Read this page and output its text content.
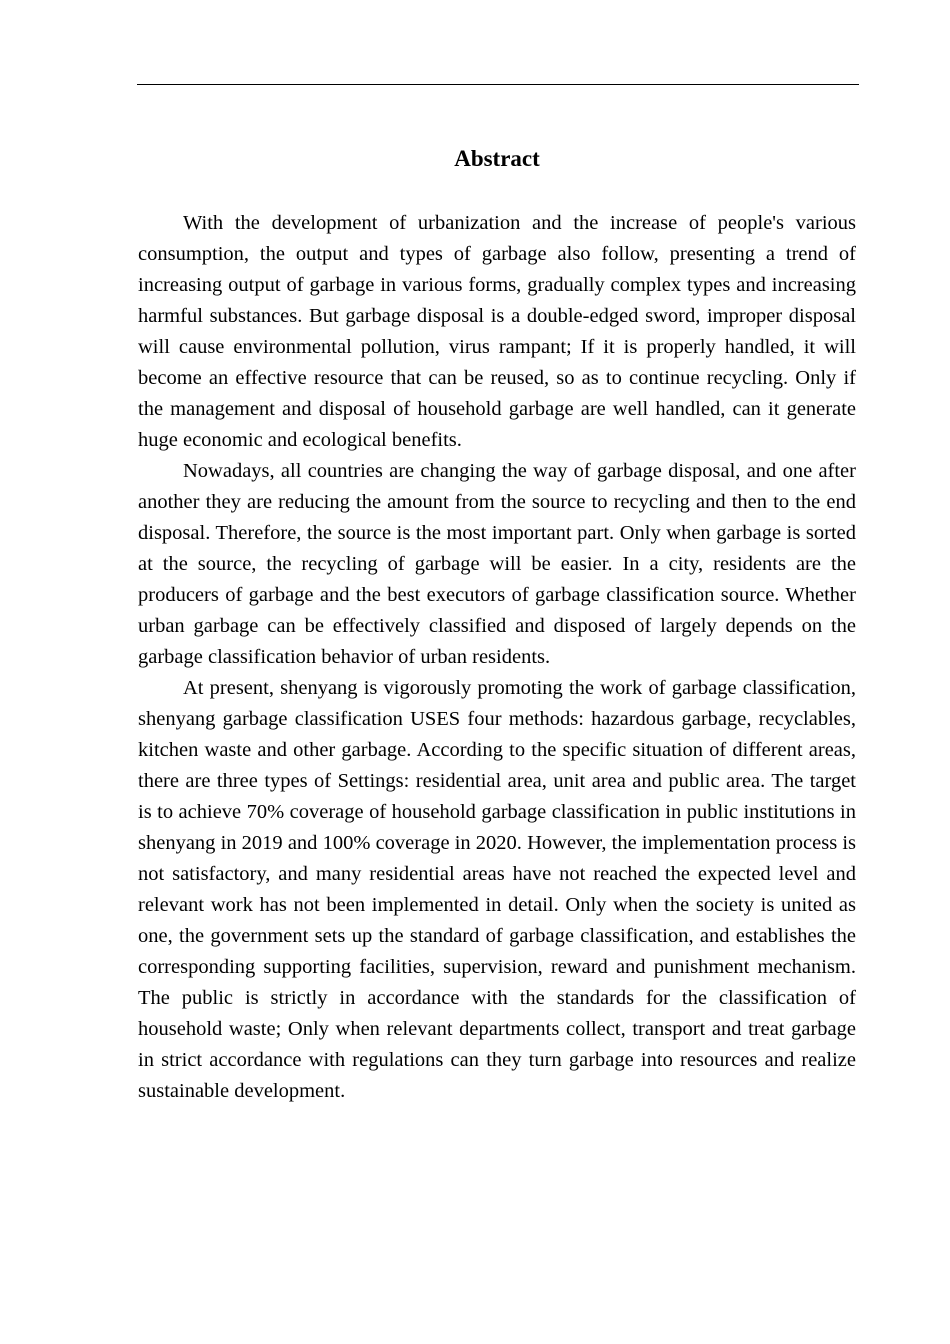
Abstract

With the development of urbanization and the increase of people's various consumption, the output and types of garbage also follow, presenting a trend of increasing output of garbage in various forms, gradually complex types and increasing harmful substances. But garbage disposal is a double-edged sword, improper disposal will cause environmental pollution, virus rampant; If it is properly handled, it will become an effective resource that can be reused, so as to continue recycling. Only if the management and disposal of household garbage are well handled, can it generate huge economic and ecological benefits.

Nowadays, all countries are changing the way of garbage disposal, and one after another they are reducing the amount from the source to recycling and then to the end disposal. Therefore, the source is the most important part. Only when garbage is sorted at the source, the recycling of garbage will be easier. In a city, residents are the producers of garbage and the best executors of garbage classification source. Whether urban garbage can be effectively classified and disposed of largely depends on the garbage classification behavior of urban residents.

At present, shenyang is vigorously promoting the work of garbage classification, shenyang garbage classification USES four methods: hazardous garbage, recyclables, kitchen waste and other garbage. According to the specific situation of different areas, there are three types of Settings: residential area, unit area and public area. The target is to achieve 70% coverage of household garbage classification in public institutions in shenyang in 2019 and 100% coverage in 2020. However, the implementation process is not satisfactory, and many residential areas have not reached the expected level and relevant work has not been implemented in detail. Only when the society is united as one, the government sets up the standard of garbage classification, and establishes the corresponding supporting facilities, supervision, reward and punishment mechanism. The public is strictly in accordance with the standards for the classification of household waste; Only when relevant departments collect, transport and treat garbage in strict accordance with regulations can they turn garbage into resources and realize sustainable development.
